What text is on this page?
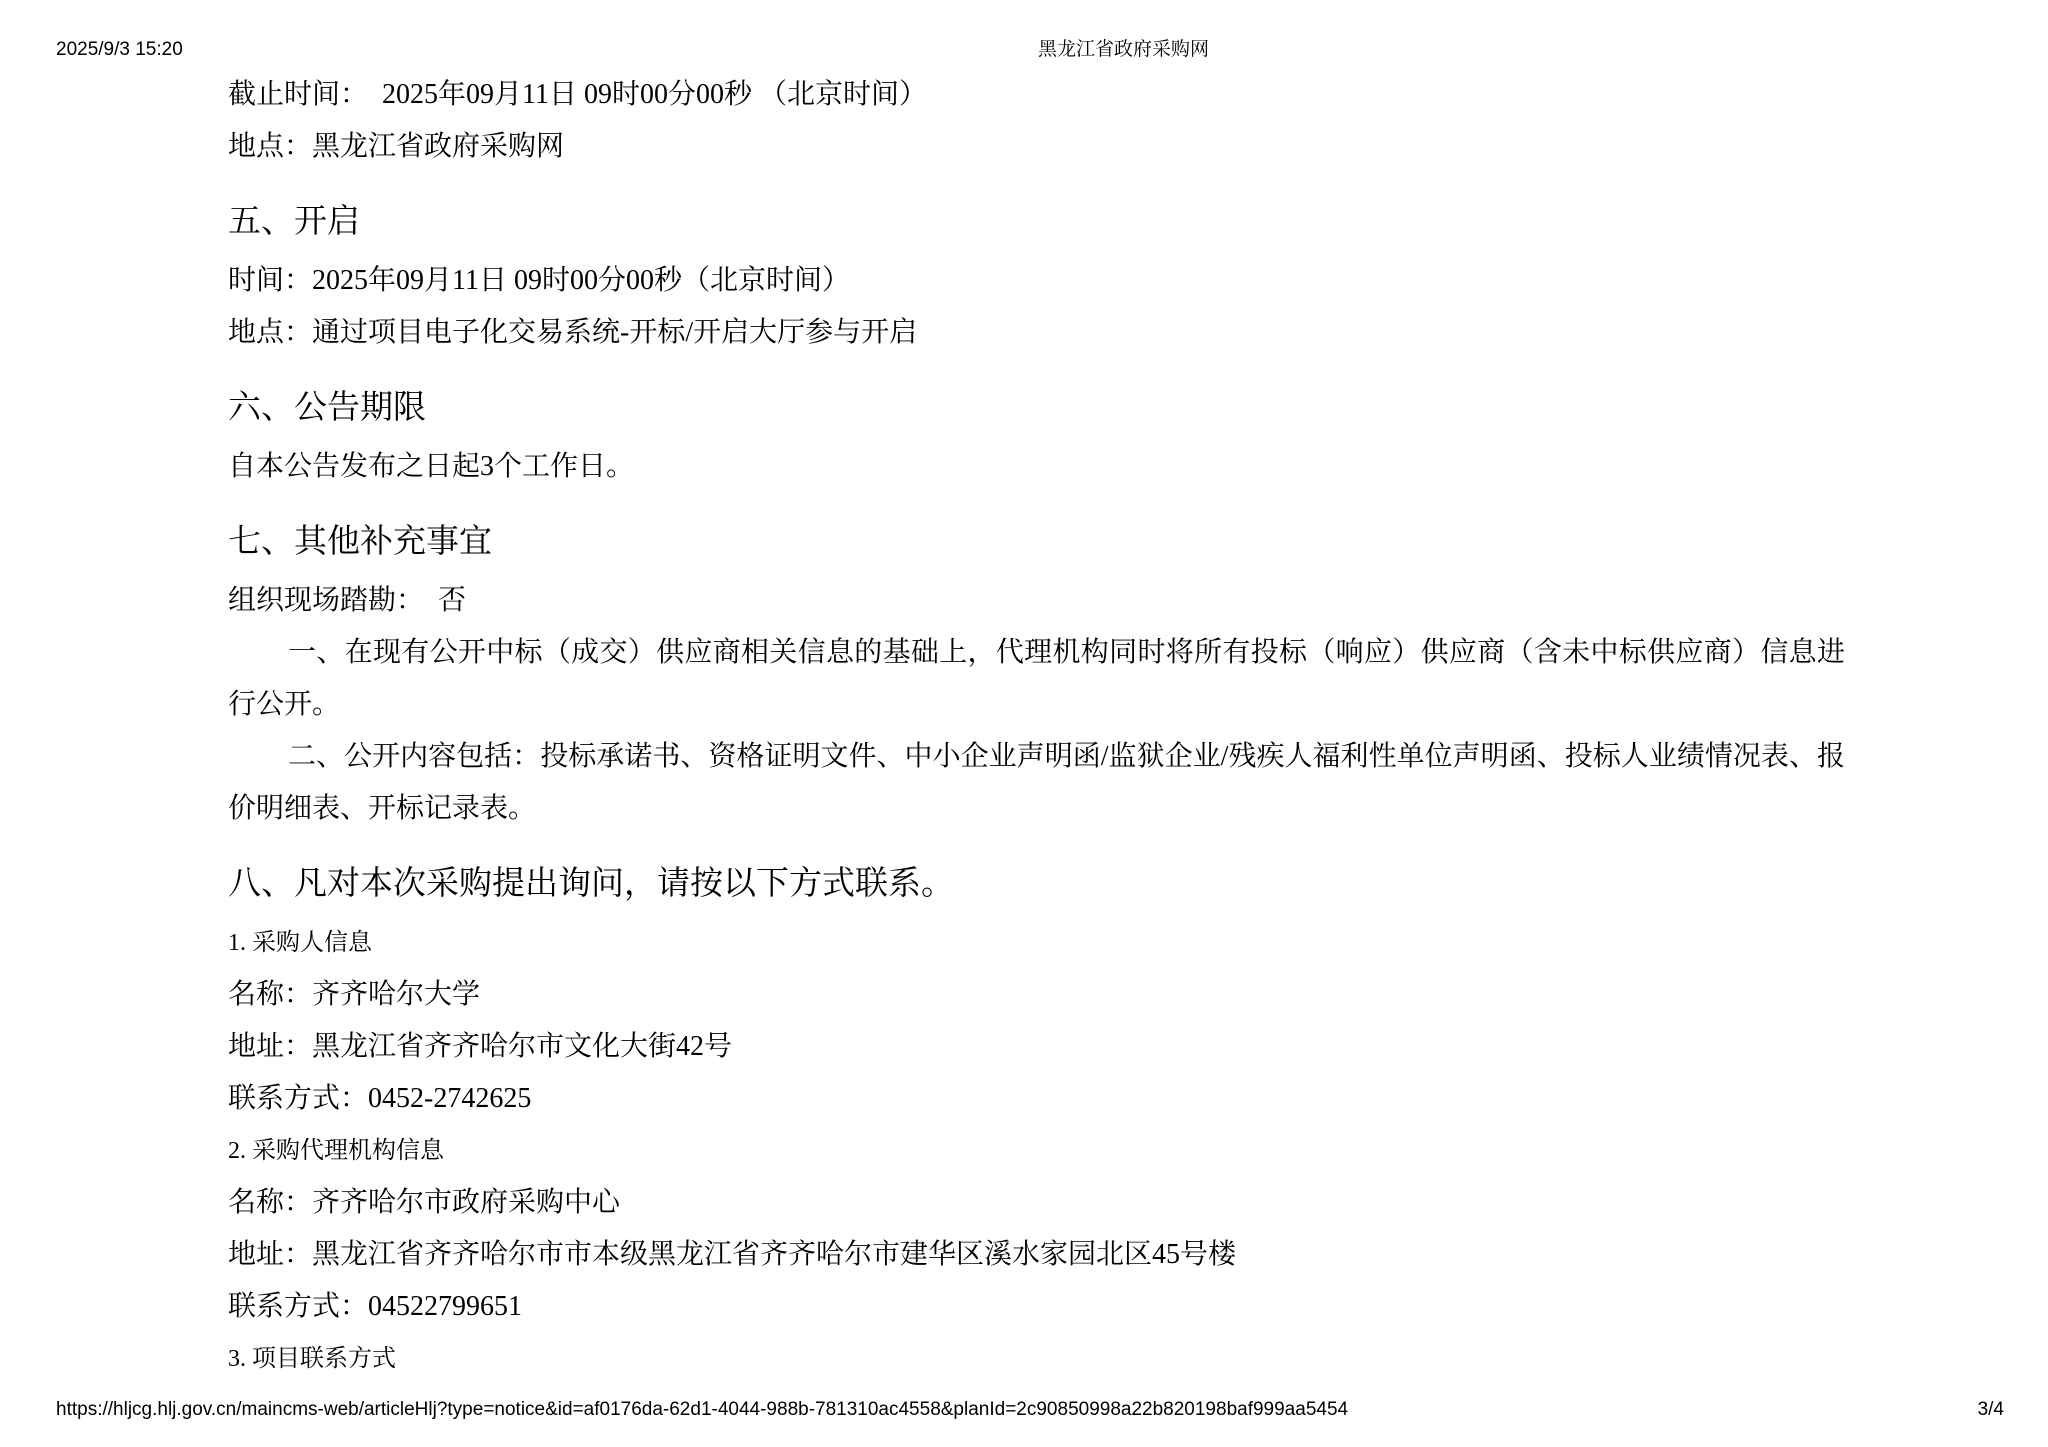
2025/9/3 15:20	黑龙江省政府采购网

截止时间：　2025年09月11日 09时00分00秒 （北京时间）

地点：黑龙江省政府采购网

五、开启

时间：2025年09月11日 09时00分00秒（北京时间）

地点：通过项目电子化交易系统-开标/开启大厅参与开启

六、公告期限

自本公告发布之日起3个工作日。

七、其他补充事宜

组织现场踏勘：　否

一、在现有公开中标（成交）供应商相关信息的基础上，代理机构同时将所有投标（响应）供应商（含未中标供应商）信息进行公开。

二、公开内容包括：投标承诺书、资格证明文件、中小企业声明函/监狱企业/残疾人福利性单位声明函、投标人业绩情况表、报价明细表、开标记录表。

八、凡对本次采购提出询问，请按以下方式联系。

1. 采购人信息

名称：齐齐哈尔大学

地址：黑龙江省齐齐哈尔市文化大街42号

联系方式：0452-2742625

2. 采购代理机构信息

名称：齐齐哈尔市政府采购中心

地址：黑龙江省齐齐哈尔市市本级黑龙江省齐齐哈尔市建华区溪水家园北区45号楼

联系方式：04522799651

3. 项目联系方式

https://hljcg.hlj.gov.cn/maincms-web/articleHlj?type=notice&id=af0176da-62d1-4044-988b-781310ac4558&planId=2c90850998a22b820198baf999aa5454	3/4
